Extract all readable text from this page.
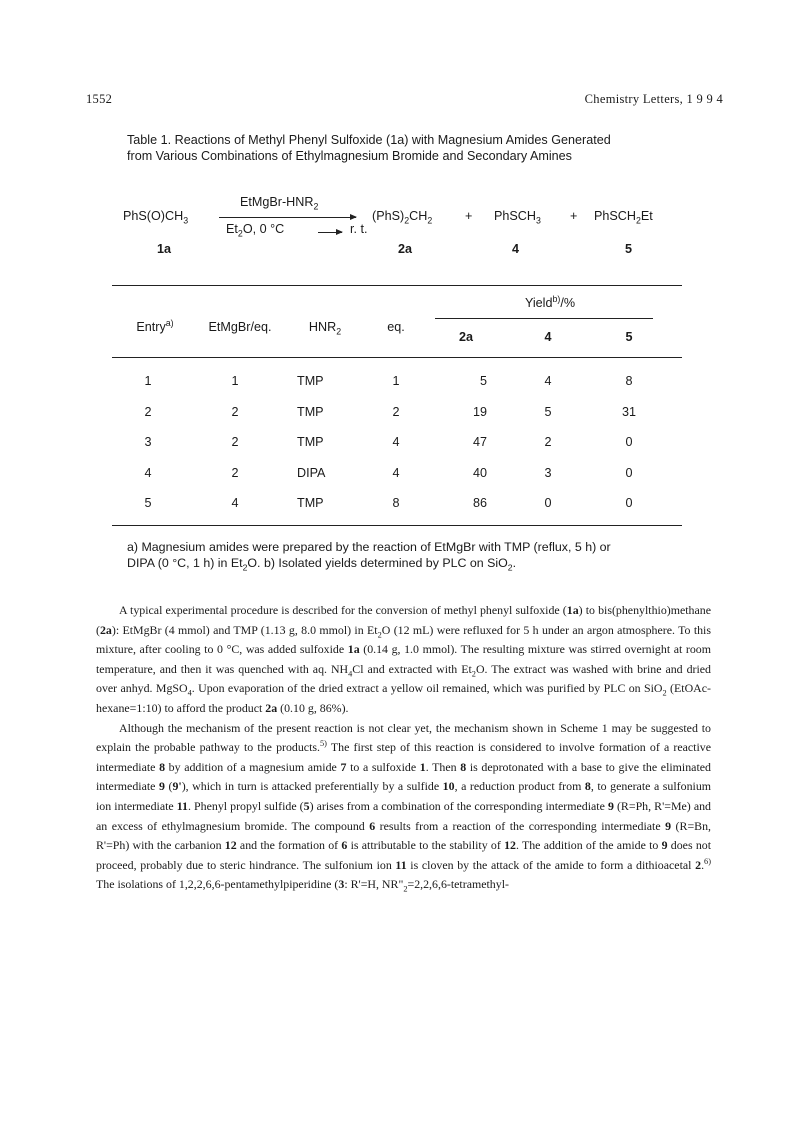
1552	Chemistry Letters, 1 9 9 4
Table 1. Reactions of Methyl Phenyl Sulfoxide (1a) with Magnesium Amides Generated
from Various Combinations of Ethylmagnesium Bromide and Secondary Amines
$PhS(O)CH_3$
1a
EtMgBr-$HNR_2$
$Et_2O$, 0 °C	r. t.
$(PhS)_2CH_2$
2a
+ PhSCH$_3$
4
+ PhSCH$_2$Et
5
Entry$^{a)}$	EtMgBr/eq.	$HNR_2$	eq.
Yield$^{b)}$/%
2a	4	5
1	1	TMP	1	5	4	8
2	2	TMP	2	19	5	31
3	2	TMP	4	47	2	0
4	2	DIPA	4	40	3	0
5	4	TMP	8	86	0	0
a) Magnesium amides were prepared by the reaction of EtMgBr with TMP (reflux, 5 h) or
DIPA (0 °C, 1 h) in $Et_2O$. b) Isolated yields determined by PLC on SiO$_2$.

A typical experimental procedure is described for the conversion of methyl phenyl sulfoxide (1a) to bis(phenylthio)methane (2a): EtMgBr (4 mmol) and TMP (1.13 g, 8.0 mmol) in $Et_2O$ (12 mL) were refluxed for 5 h under an argon atmosphere. To this mixture, after cooling to 0 °C, was added sulfoxide 1a (0.14 g, 1.0 mmol). The resulting mixture was stirred overnight at room temperature, and then it was quenched with aq. $NH_4Cl$ and extracted with $Et_2O$. The extract was washed with brine and dried over anhyd. MgSO$_4$. Upon evaporation of the dried extract a yellow oil remained, which was purified by PLC on SiO$_2$ (EtOAc-hexane=1:10) to afford the product 2a (0.10 g, 86%).

Although the mechanism of the present reaction is not clear yet, the mechanism shown in Scheme 1 may be suggested to explain the probable pathway to the products.$^{5)}$ The first step of this reaction is considered to involve formation of a reactive intermediate 8 by addition of a magnesium amide 7 to a sulfoxide 1. Then 8 is deprotonated with a base to give the eliminated intermediate 9 (9'), which in turn is attacked preferentially by a sulfide 10, a reduction product from 8, to generate a sulfonium ion intermediate 11. Phenyl propyl sulfide (5) arises from a combination of the corresponding intermediate 9 (R=Ph, R'=Me) and an excess of ethylmagnesium bromide. The compound 6 results from a reaction of the corresponding intermediate 9 (R=Bn, R'=Ph) with the carbanion 12 and the formation of 6 is attributable to the stability of 12. The addition of the amide to 9 does not proceed, probably due to steric hindrance. The sulfonium ion 11 is cloven by the attack of the amide to form a dithioacetal 2.$^{6)}$ The isolations of 1,2,2,6,6-pentamethylpiperidine (3: R'=H, $NR"_2=2,2,6,6-tetramethyl-$
